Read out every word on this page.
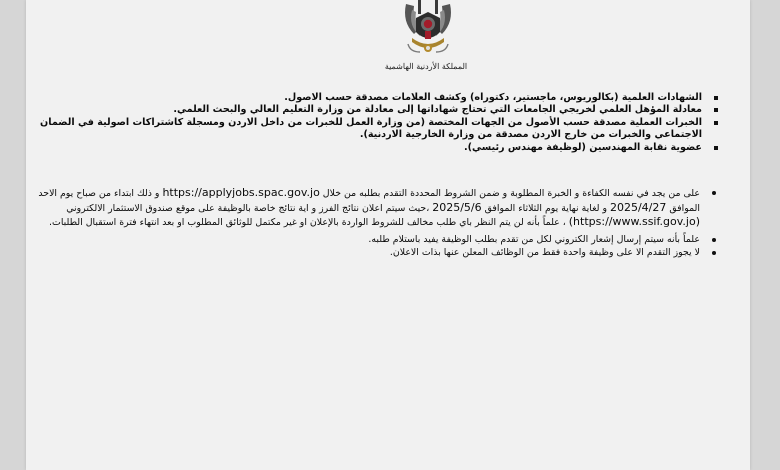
المملكة الأردنية الهاشمية
الشهادات العلمية (بكالوريوس، ماجستير، دكتوراه) وكشف العلامات مصدقة حسب الاصول.
معادلة المؤهل العلمي لخريجي الجامعات التي تحتاج شهاداتها إلى معادلة من وزارة التعليم العالي والبحث العلمي.
الخبرات العملية مصدقة حسب الأصول من الجهات المختصة (من وزارة العمل للخبرات من داخل الاردن ومسجلة كاشتراكات اصولية في الضمان الاجتماعي والخبرات من خارج الاردن مصدقة من وزارة الخارجية الاردنية).
عضوية نقابة المهندسين (لوظيفة مهندس رئيسي).
على من يجد في نفسه الكفاءة و الخبرة المطلوبة و ضمن الشروط المحددة التقدم بطلبه من خلال https://applyjobs.spac.gov.jo و ذلك ابتداء من صباح يوم الاحد الموافق 2025/4/27 و لغاية نهاية يوم الثلاثاء الموافق 2025/5/6 ،حيث سيتم اعلان نتائج الفرز و اية نتائج خاصة بالوظيفة على موقع صندوق الاستثمار الالكتروني (https://www.ssif.gov.jo) ، علماً بأنه لن يتم النظر باي طلب مخالف للشروط الواردة بالإعلان او غير مكتمل للوثائق المطلوب او بعد انتهاء فترة استقبال الطلبات.
علماً بأنه سيتم إرسال إشعار الكتروني لكل من تقدم بطلب الوظيفة يفيد باستلام طلبه.
لا يجوز التقدم الا على وظيفة واحدة فقط من الوظائف المعلن عنها بذات الاعلان.
